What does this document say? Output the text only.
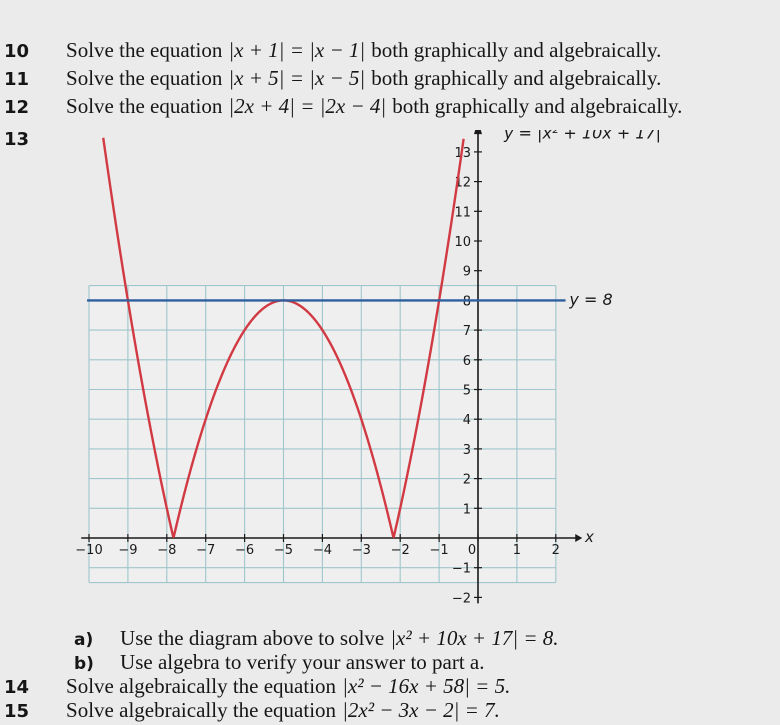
10 Solve the equation |x + 1| = |x − 1| both graphically and algebraically.
11 Solve the equation |x + 5| = |x − 5| both graphically and algebraically.
12 Solve the equation |2x + 4| = |2x − 4| both graphically and algebraically.
13
−2
−1
1
2
3
4
5
6
7
8
9
10
11
12
13
−10 −9 −8 −7 −6 −5 −4 −3 −2 −1 0	1 2
x
y = |x² + 10x + 17|
y = 8
a) Use the diagram above to solve |x² + 10x + 17| = 8.
b) Use algebra to verify your answer to part a.
14 Solve algebraically the equation |x² − 16x + 58| = 5.
15 Solve algebraically the equation |2x² − 3x − 2| = 7.
